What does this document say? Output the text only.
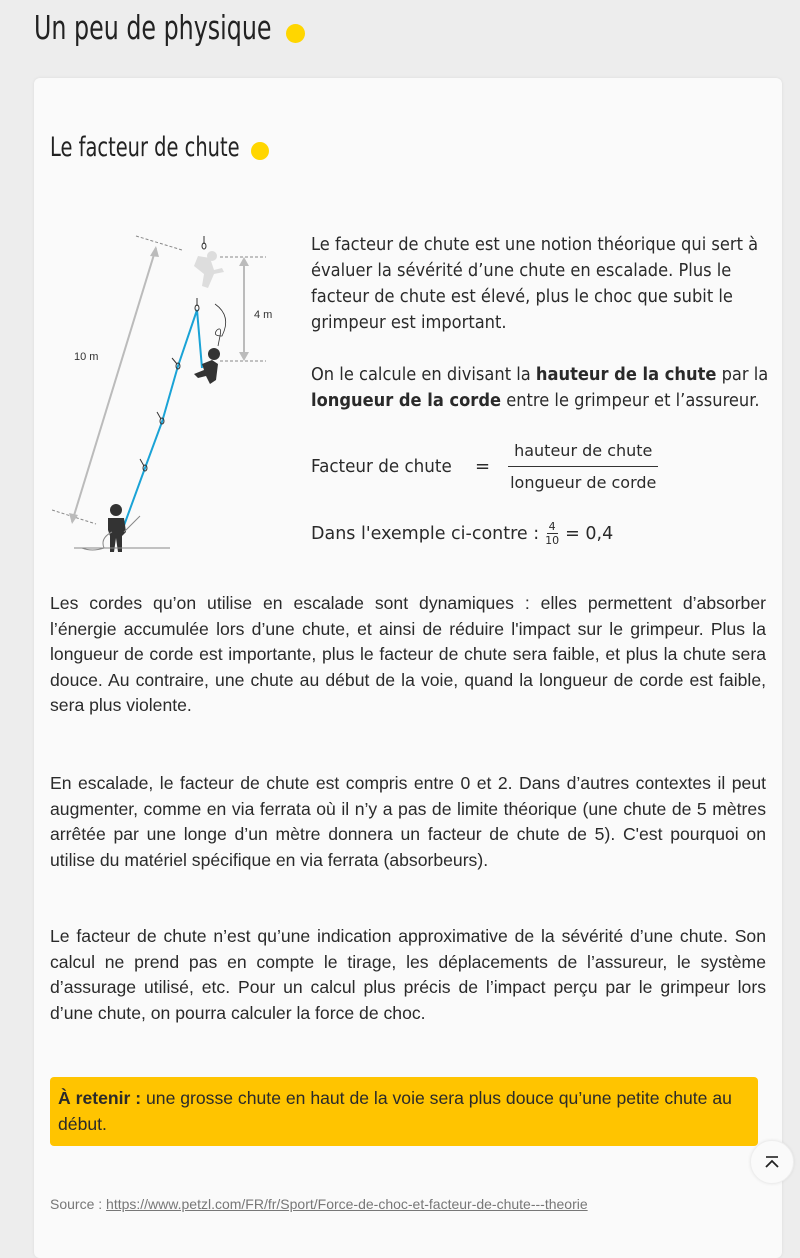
Un peu de physique
Le facteur de chute
10 m
4 m

Le facteur de chute est une notion théorique qui sert à évaluer la sévérité d’une chute en escalade. Plus le facteur de chute est élevé, plus le choc que subit le grimpeur est important.

On le calcule en divisant la hauteur de la chute par la longueur de la corde entre le grimpeur et l’assureur.

Facteur de chute = $\frac{\text{hauteur de chute}}{\text{longueur de corde}}$
Dans l'exemple ci-contre : $\frac{4}{10} = 0,4$

Les cordes qu’on utilise en escalade sont dynamiques : elles permettent d’absorber l’énergie accumulée lors d’une chute, et ainsi de réduire l'impact sur le grimpeur. Plus la longueur de corde est importante, plus le facteur de chute sera faible, et plus la chute sera douce. Au contraire, une chute au début de la voie, quand la longueur de corde est faible, sera plus violente.

En escalade, le facteur de chute est compris entre 0 et 2. Dans d’autres contextes il peut augmenter, comme en via ferrata où il n’y a pas de limite théorique (une chute de 5 mètres arrêtée par une longe d’un mètre donnera un facteur de chute de 5). C'est pourquoi on utilise du matériel spécifique en via ferrata (absorbeurs).

Le facteur de chute n’est qu’une indication approximative de la sévérité d’une chute. Son calcul ne prend pas en compte le tirage, les déplacements de l’assureur, le système d’assurage utilisé, etc. Pour un calcul plus précis de l’impact perçu par le grimpeur lors d’une chute, on pourra calculer la force de choc.

À retenir : une grosse chute en haut de la voie sera plus douce qu’une petite chute au début.
Source : https://www.petzl.com/FR/fr/Sport/Force-de-choc-et-facteur-de-chute---theorie
